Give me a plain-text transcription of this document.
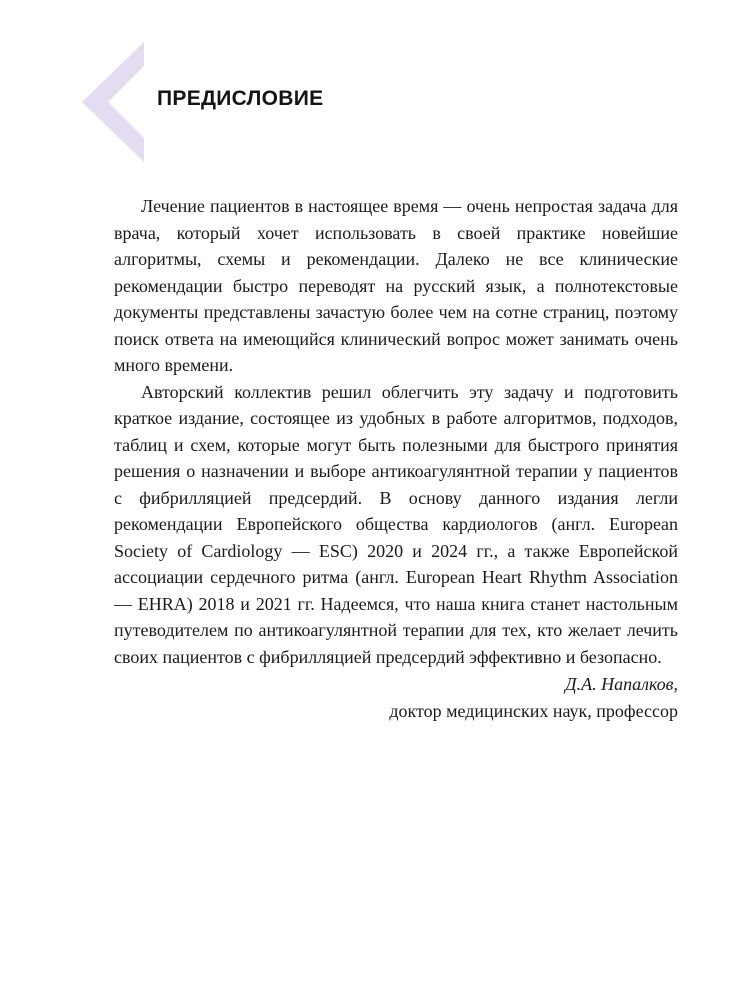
ПРЕДИСЛОВИЕ

Лечение пациентов в настоящее время — очень непростая задача для врача, который хочет использовать в своей практике новейшие алгоритмы, схемы и рекомендации. Далеко не все клинические рекомендации быстро переводят на русский язык, а полнотекстовые документы представлены зачастую более чем на сотне страниц, поэтому поиск ответа на имеющийся клинический вопрос может занимать очень много времени.

Авторский коллектив решил облегчить эту задачу и подготовить краткое издание, состоящее из удобных в работе алгоритмов, подходов, таблиц и схем, которые могут быть полезными для быстрого принятия решения о назначении и выборе антикоагулянтной терапии у пациентов с фибрилляцией предсердий. В основу данного издания легли рекомендации Европейского общества кардиологов (англ. European Society of Cardiology — ESC) 2020 и 2024 гг., а также Европейской ассоциации сердечного ритма (англ. European Heart Rhythm Association — EHRA) 2018 и 2021 гг. Надеемся, что наша книга станет настольным путеводителем по антикоагулянтной терапии для тех, кто желает лечить своих пациентов с фибрилляцией предсердий эффективно и безопасно.

Д.А. Напалков,
доктор медицинских наук, профессор
